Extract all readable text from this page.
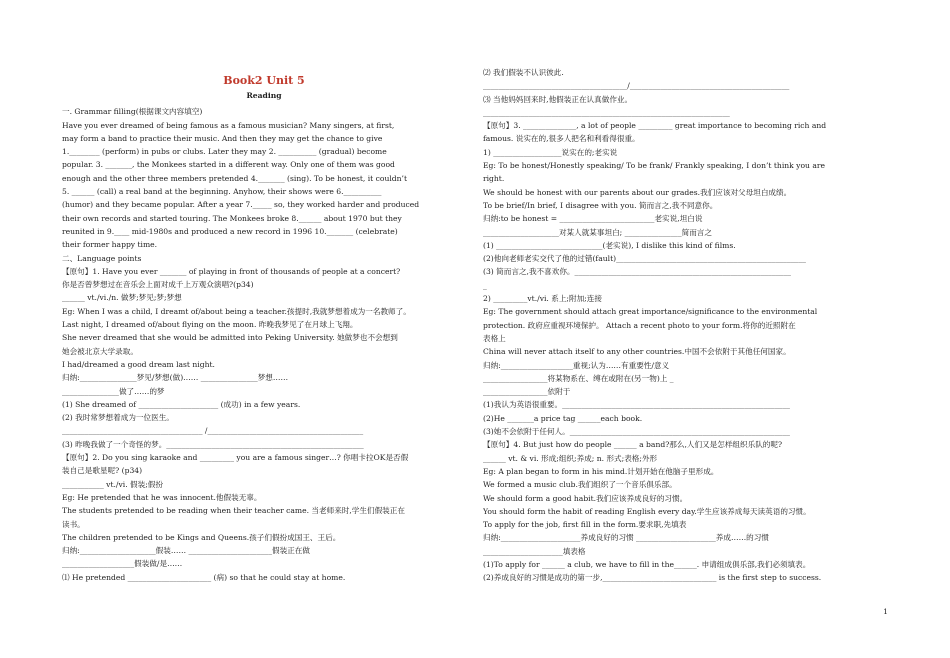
Book2 Unit 5
Reading
一. Grammar filling(根据课文内容填空)
Have you ever dreamed of being famous as a famous musician? Many singers, at first,
may form a band to practice their music. And then they may get the chance to give
1.________ (perform) in pubs or clubs. Later they may 2. __________ (gradual) become
popular. 3. _______, the Monkees started in a different way. Only one of them was good
enough and the other three members pretended 4._______ (sing). To be honest, it couldn’t
5. ______ (call) a real band at the beginning. Anyhow, their shows were 6.__________
(humor) and they became popular. After a year 7._____ so, they worked harder and produced
their own records and started touring. The Monkees broke 8.______ about 1970 but they
reunited in 9.____ mid-1980s and produced a new record in 1996 10._______ (celebrate)
their former happy time.
二、Language points
【原句】1. Have you ever _______ of playing in front of thousands of people at a concert?
你是否曾梦想过在音乐会上面对成千上万观众演唱?(p34)
______ vt./vi./n. 做梦;梦见;梦;梦想
Eg: When I was a child, I dreamt of/about being a teacher.孩提时,我就梦想着成为一名教师了。
Last night, I dreamed of/about flying on the moon. 昨晚我梦见了在月球上飞翔。
She never dreamed that she would be admitted into Peking University. 她做梦也不会想到
她会被北京大学录取。
I had/dreamed a good dream last night.
归纳:_______________梦见/梦想(做)…… _______________梦想……
_______________做了……的梦
(1) She dreamed of _____________________ (成功) in a few years.
(2) 我时常梦想着成为一位医生。
_____________________________________ /_________________________________________
(3) 昨晚我做了一个奇怪的梦。____________________________________________________
【原句】2. Do you sing karaoke and _________ you are a famous singer…? 你唱卡拉OK是否假
装自己是歌星呢? (p34)
___________ vt./vi. 假装;假扮
Eg: He pretended that he was innocent.他假装无辜。
The students pretended to be reading when their teacher came. 当老师来时,学生们假装正在
读书。
The children pretended to be Kings and Queens.孩子们假扮成国王、王后。
归纳:____________________假装…… ______________________假装正在做
___________________假装做/是……
⑴ He pretended ______________________ (病) so that he could stay at home.
⑵ 我们假装不认识彼此.
______________________________________/__________________________________________
⑶ 当他妈妈回来时,他假装正在认真做作业。
_________________________________________________________________
【原句】3. ______________, a lot of people _________ great importance to becoming rich and
famous. 说实在的,很多人把名和利看得很重。
1) __________________说实在的;老实说
Eg: To be honest/Honestly speaking/ To be frank/ Frankly speaking, I don’t think you are
right.
We should be honest with our parents about our grades.我们应该对父母坦白成绩。
To be brief/In brief, I disagree with you. 简而言之,我不同意你。
归纳:to be honest = _________________________老实说,坦白说
____________________对某人就某事坦白; _______________简而言之
(1) ____________________________(老实说), I dislike this kind of films.
(2)他向老师老实交代了他的过错(fault)__________________________________________________
(3) 简而言之,我不喜欢你。_________________________________________________________
_
2) _________vt./vi. 系上;附加;连接
Eg: The government should attach great importance/significance to the environmental
protection. 政府应重视环境保护。 Attach a recent photo to your form.将你的近照附在
表格上
China will never attach itself to any other countries.中国不会依附于其他任何国家。
归纳:___________________重视;认为……有重要性/意义
_________________将某物系在、缚在或附在(另一物)上 _
_________________依附于
(1)我认为英语很重要。____________________________________________________________
(2)He _______a price tag ______each book.
(3)她不会依附于任何人。__________________________________________________________
【原句】4. But just how do people ______ a band?那么,人们又是怎样组织乐队的呢?
______ vt. & vi. 形成;组织;养成; n. 形式;表格;外形
Eg: A plan began to form in his mind.计划开始在他脑子里形成。
We formed a music club.我们组织了一个音乐俱乐部。
We should form a good habit.我们应该养成良好的习惯。
You should form the habit of reading English every day.学生应该养成每天读英语的习惯。
To apply for the job, first fill in the form.要求职,先填表
归纳:_____________________养成良好的习惯 _____________________养成……的习惯
_____________________填表格
(1)To apply for ______ a club, we have to fill in the______. 申请组成俱乐部,我们必须填表。
(2)养成良好的习惯是成功的第一步,______________________________ is the first step to success.
1
